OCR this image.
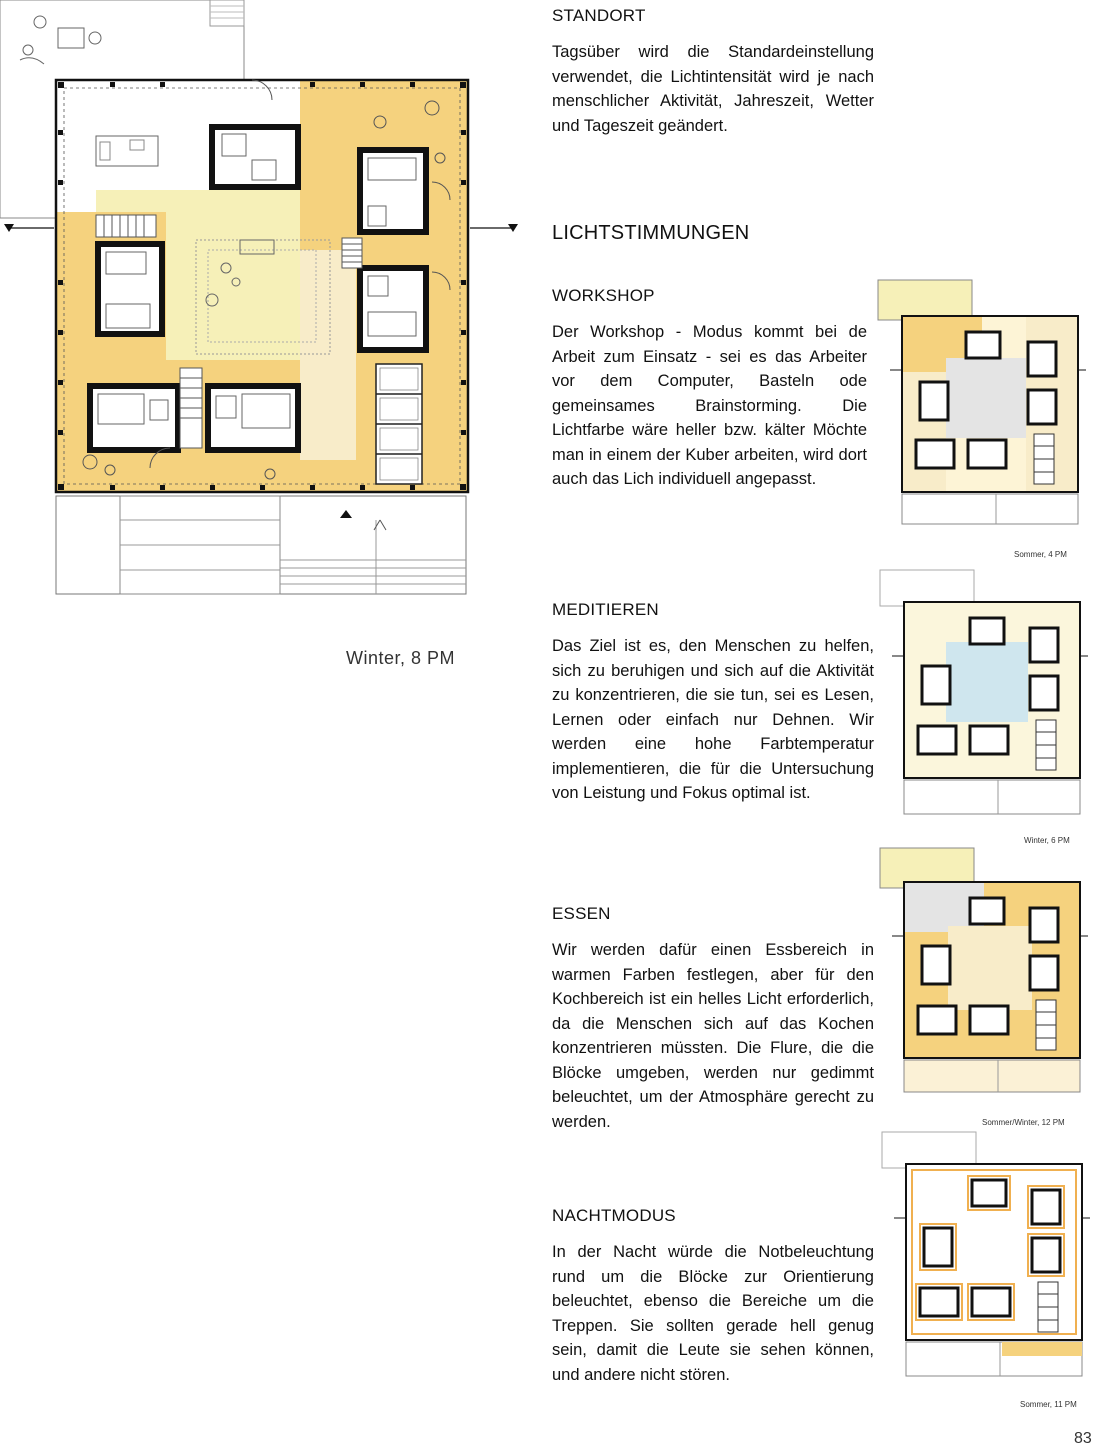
Winter, 8 PM
STANDORT
Tagsüber wird die Standardeinstellung verwendet, die Lichtintensität wird je nach menschlicher Aktivität, Jahreszeit, Wetter und Tageszeit geändert.
LICHTSTIMMUNGEN
WORKSHOP
Der Workshop - Modus kommt bei de Arbeit zum Einsatz - sei es das Arbeiter vor dem Computer, Basteln ode gemeinsames Brainstorming. Die Lichtfarbe wäre heller bzw. kälter Möchte man in einem der Kuber arbeiten, wird dort auch das Lich individuell angepasst.
MEDITIEREN
Das Ziel ist es, den Menschen zu helfen, sich zu beruhigen und sich auf die Aktivität zu konzentrieren, die sie tun, sei es Lesen, Lernen oder einfach nur Dehnen. Wir werden eine hohe Farbtemperatur implementieren, die für die Untersuchung von Leistung und Fokus optimal ist.
ESSEN
Wir werden dafür einen Essbereich in warmen Farben festlegen, aber für den Kochbereich ist ein helles Licht erforderlich, da die Menschen sich auf das Kochen konzentrieren müssten. Die Flure, die die Blöcke umgeben, werden nur gedimmt beleuchtet, um der Atmosphäre gerecht zu werden.
NACHTMODUS
In der Nacht würde die Notbeleuchtung rund um die Blöcke zur Orientierung beleuchtet, ebenso die Bereiche um die Treppen. Sie sollten gerade hell genug sein, damit die Leute sie sehen können, und andere nicht stören.
Sommer, 4 PM
Winter, 6 PM
Sommer/Winter, 12 PM
Sommer, 11 PM
83
